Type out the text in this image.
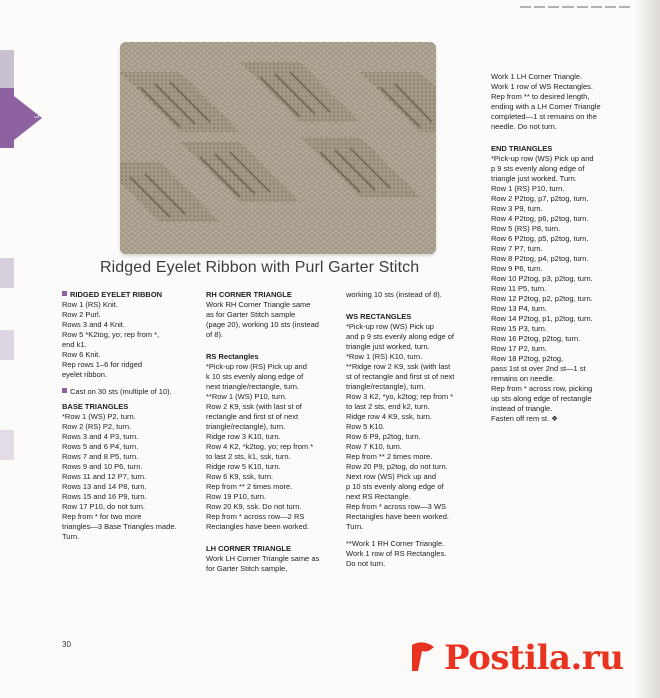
Lace
Ridged Eyelet Ribbon with Purl Garter Stitch

RIDGED EYELET RIBBON

Row 1 (RS) Knit.

Row 2 Purl.

Rows 3 and 4 Knit.

Row 5 *K2tog, yo; rep from *,

end k1.

Row 6 Knit.

Rep rows 1–6 for ridged

eyelet ribbon.

Cast on 30 sts (multiple of 10).

BASE TRIANGLES

*Row 1 (WS) P2, turn.

Row 2 (RS) P2, turn.

Rows 3 and 4 P3, turn.

Rows 5 and 6 P4, turn.

Rows 7 and 8 P5, turn.

Rows 9 and 10 P6, turn.

Rows 11 and 12 P7, turn.

Rows 13 and 14 P8, turn.

Rows 15 and 16 P9, turn.

Row 17 P10, do not turn.

Rep from * for two more

triangles—3 Base Triangles made.

Turn.

RH CORNER TRIANGLE

Work RH Corner Triangle same

as for Garter Stitch sample

(page 20), working 10 sts (instead

of 8).

RS Rectangles

*Pick-up row (RS) Pick up and

k 10 sts evenly along edge of

next triangle/rectangle, turn.

**Row 1 (WS) P10, turn.

Row 2 K9, ssk (with last st of

rectangle and first st of next

triangle/rectangle), turn.

Ridge row 3 K10, turn.

Row 4 K2, *k2tog, yo; rep from *

to last 2 sts, k1, ssk, turn.

Ridge row 5 K10, turn.

Row 6 K9, ssk, turn.

Rep from ** 2 times more.

Row 19 P10, turn.

Row 20 K9, ssk. Do not turn.

Rep from * across row—2 RS

Rectangles have been worked.

LH CORNER TRIANGLE

Work LH Corner Triangle same as

for Garter Stitch sample,

working 10 sts (instead of 8).

WS RECTANGLES

*Pick-up row (WS) Pick up

and p 9 sts evenly along edge of

triangle just worked, turn.

*Row 1 (RS) K10, turn.

**Ridge row 2 K9, ssk (with last

st of rectangle and first st of next

triangle/rectangle), turn.

Row 3 K2, *yo, k2tog; rep from *

to last 2 sts, end k2, turn.

Ridge row 4 K9, ssk, turn.

Row 5 K10.

Row 6 P9, p2tog, turn.

Row 7 K10, turn.

Rep from ** 2 times more.

Row 20 P9, p2tog, do not turn.

Next row (WS) Pick up and

p 10 sts evenly along edge of

next RS Rectangle.

Rep from * across row—3 WS

Rectangles have been worked.

Turn.

**Work 1 RH Corner Triangle.

Work 1 row of RS Rectangles.

Do not turn.

Work 1 LH Corner Triangle.

Work 1 row of WS Rectangles.

Rep from ** to desired length,

ending with a LH Corner Triangle

completed—1 st remains on the

needle. Do not turn.

END TRIANGLES

*Pick-up row (WS) Pick up and

p 9 sts evenly along edge of

triangle just worked. Turn.

Row 1 (RS) P10, turn.

Row 2 P2tog, p7, p2tog, turn.

Row 3 P9, turn.

Row 4 P2tog, p6, p2tog, turn.

Row 5 (RS) P8, turn.

Row 6 P2tog, p5, p2tog, turn.

Row 7 P7, turn.

Row 8 P2tog, p4, p2tog, turn.

Row 9 P6, turn.

Row 10 P2tog, p3, p2tog, turn.

Row 11 P5, turn.

Row 12 P2tog, p2, p2tog, turn.

Row 13 P4, turn.

Row 14 P2tog, p1, p2tog, turn.

Row 15 P3, turn.

Row 16 P2tog, p2tog, turn.

Row 17 P2, turn.

Row 18 P2tog, p2tog,

pass 1st st over 2nd st—1 st

remains on needle.

Rep from * across row, picking

up sts along edge of rectangle

instead of triangle.

Fasten off rem st. ❖

30	Postila.ru
